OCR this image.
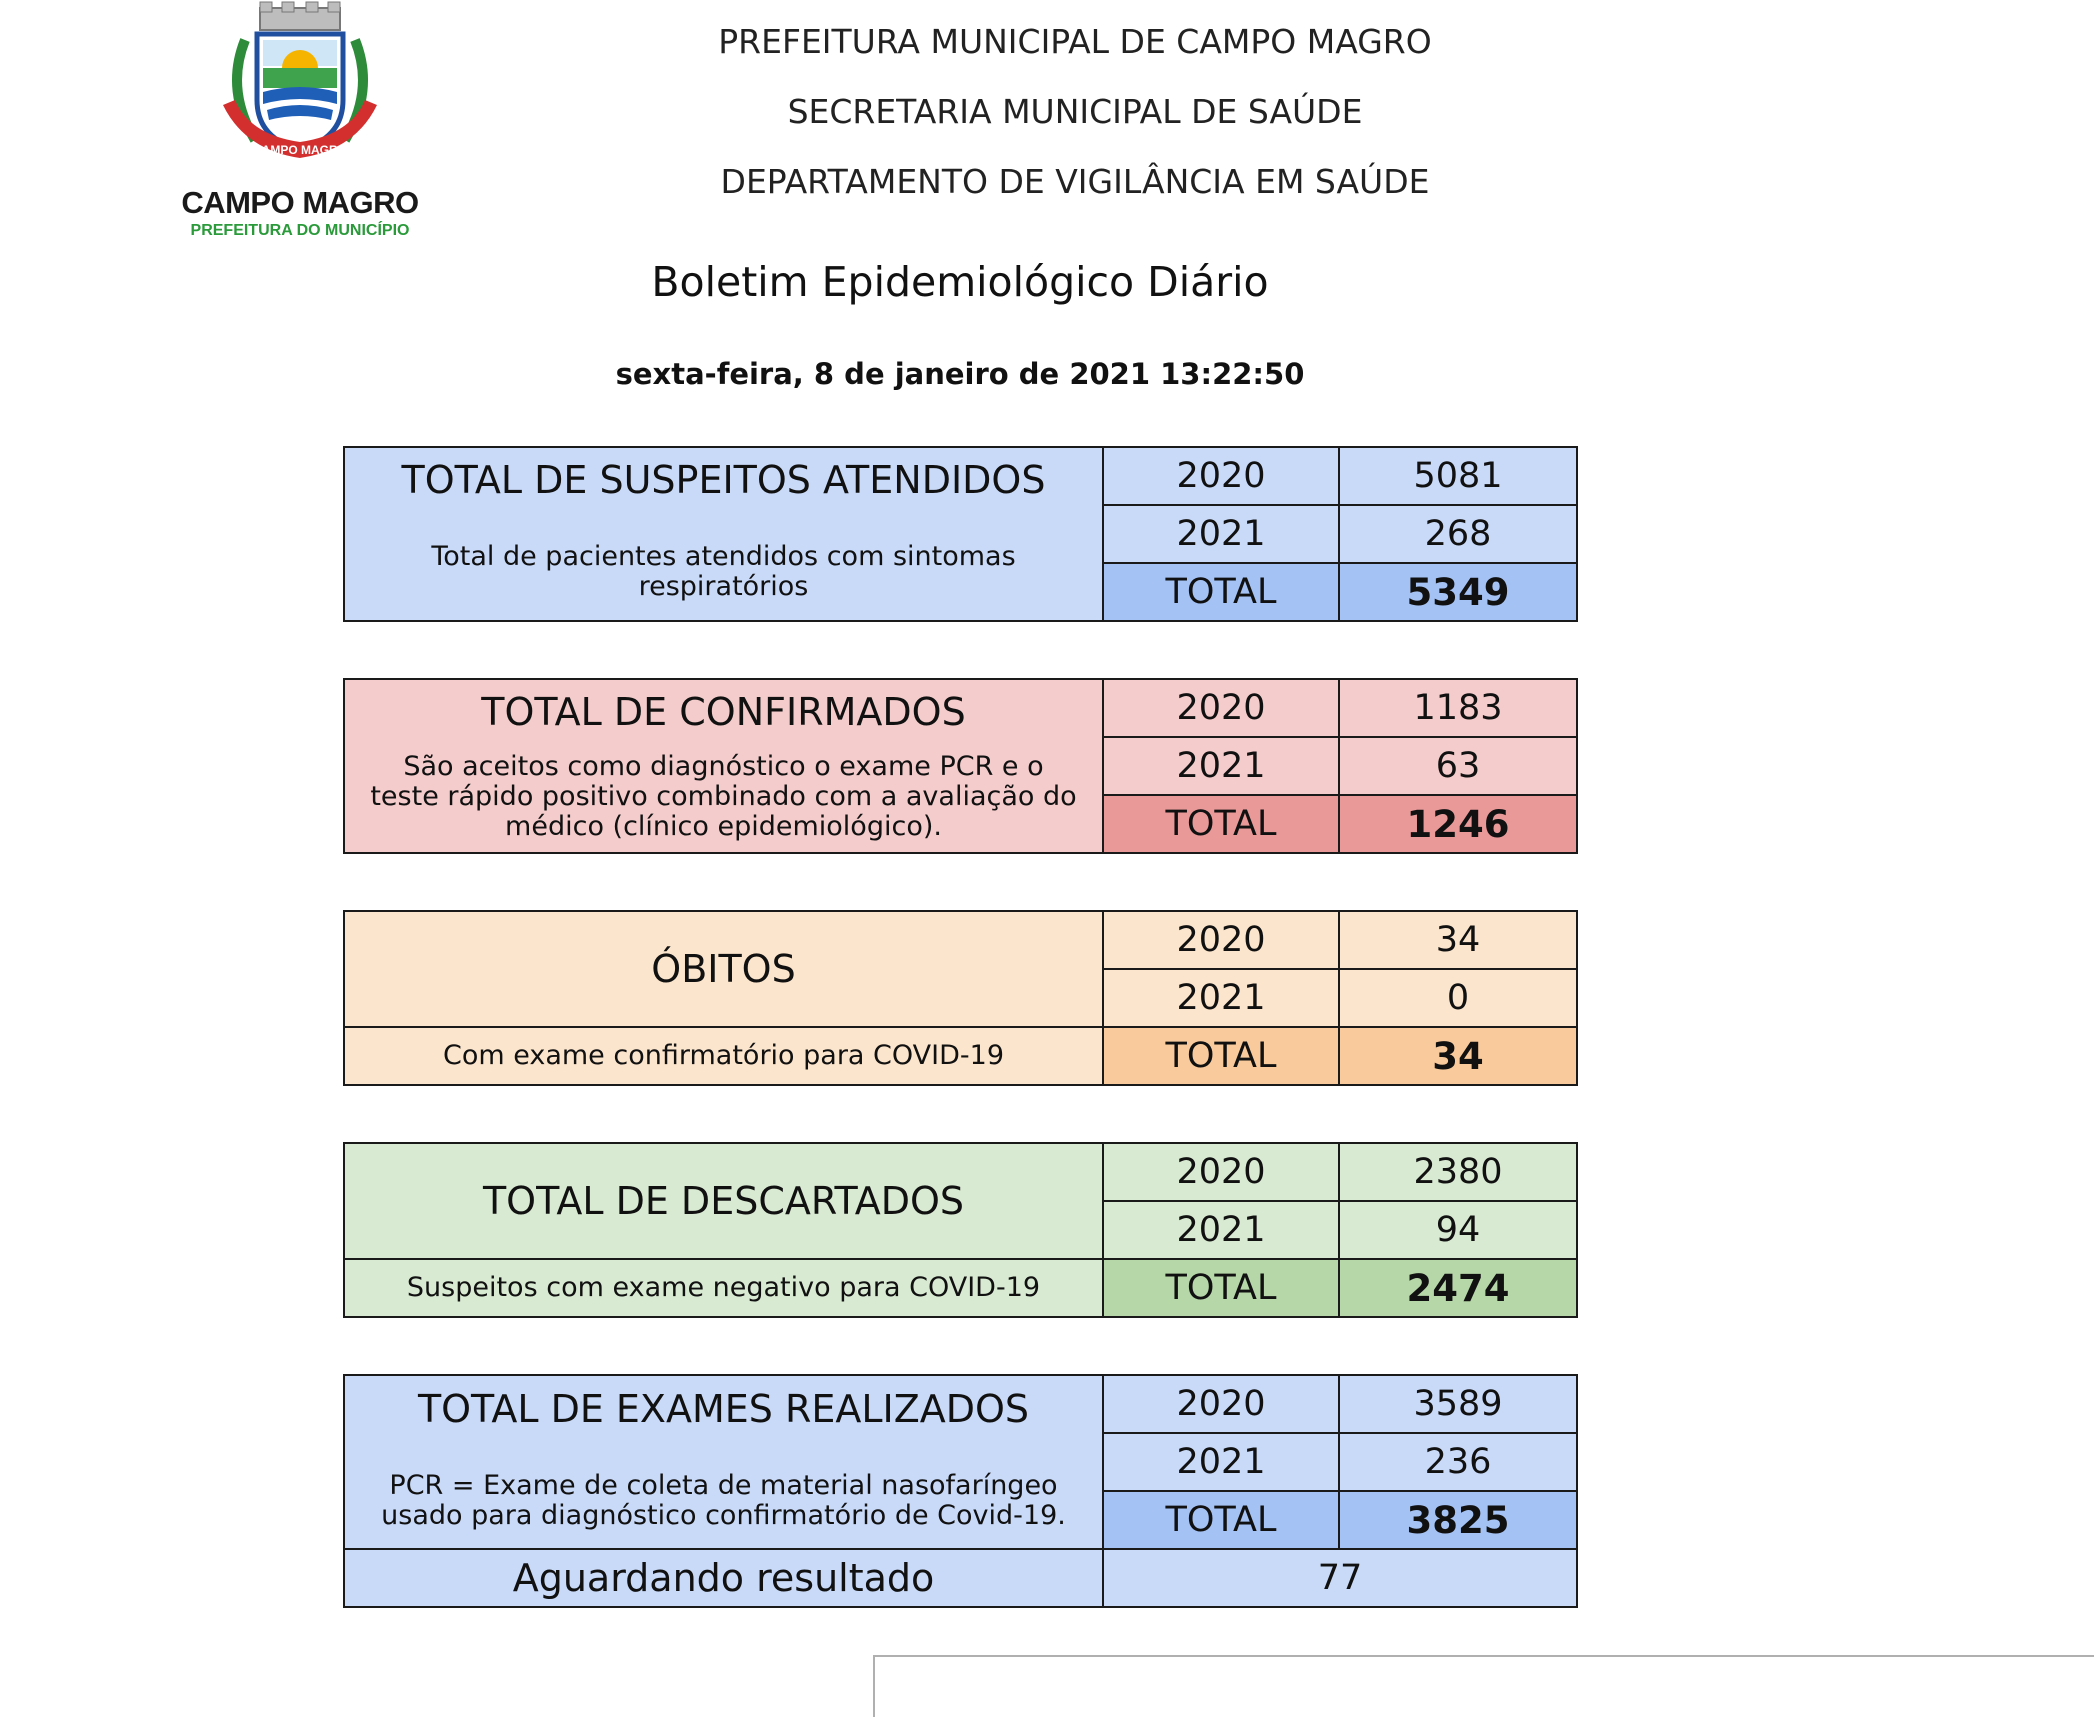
CAMPO MAGRO
CAMPO MAGRO
PREFEITURA DO MUNICÍPIO
PREFEITURA MUNICIPAL DE CAMPO MAGRO
SECRETARIA MUNICIPAL DE SAÚDE
DEPARTAMENTO DE VIGILÂNCIA EM SAÚDE
Boletim Epidemiológico Diário
sexta-feira, 8 de janeiro de 2021 13:22:50
TOTAL DE SUSPEITOS ATENDIDOS
Total de pacientes atendidos com sintomas respiratórios	2020	5081
	2021	268
	TOTAL	5349
TOTAL DE CONFIRMADOS
São aceitos como diagnóstico o exame PCR e o teste rápido positivo combinado com a avaliação do médico (clínico epidemiológico).	2020	1183
	2021	63
	TOTAL	1246
ÓBITOS	2020	34
	2021	0

Com exame confirmatório para COVID-19	TOTAL	34
TOTAL DE DESCARTADOS	2020	2380
	2021	94

Suspeitos com exame negativo para COVID-19	TOTAL	2474
TOTAL DE EXAMES REALIZADOS
PCR = Exame de coleta de material nasofaríngeo usado para diagnóstico confirmatório de Covid-19.	2020	3589
	2021	236
	TOTAL	3825
Aguardando resultado	77	
